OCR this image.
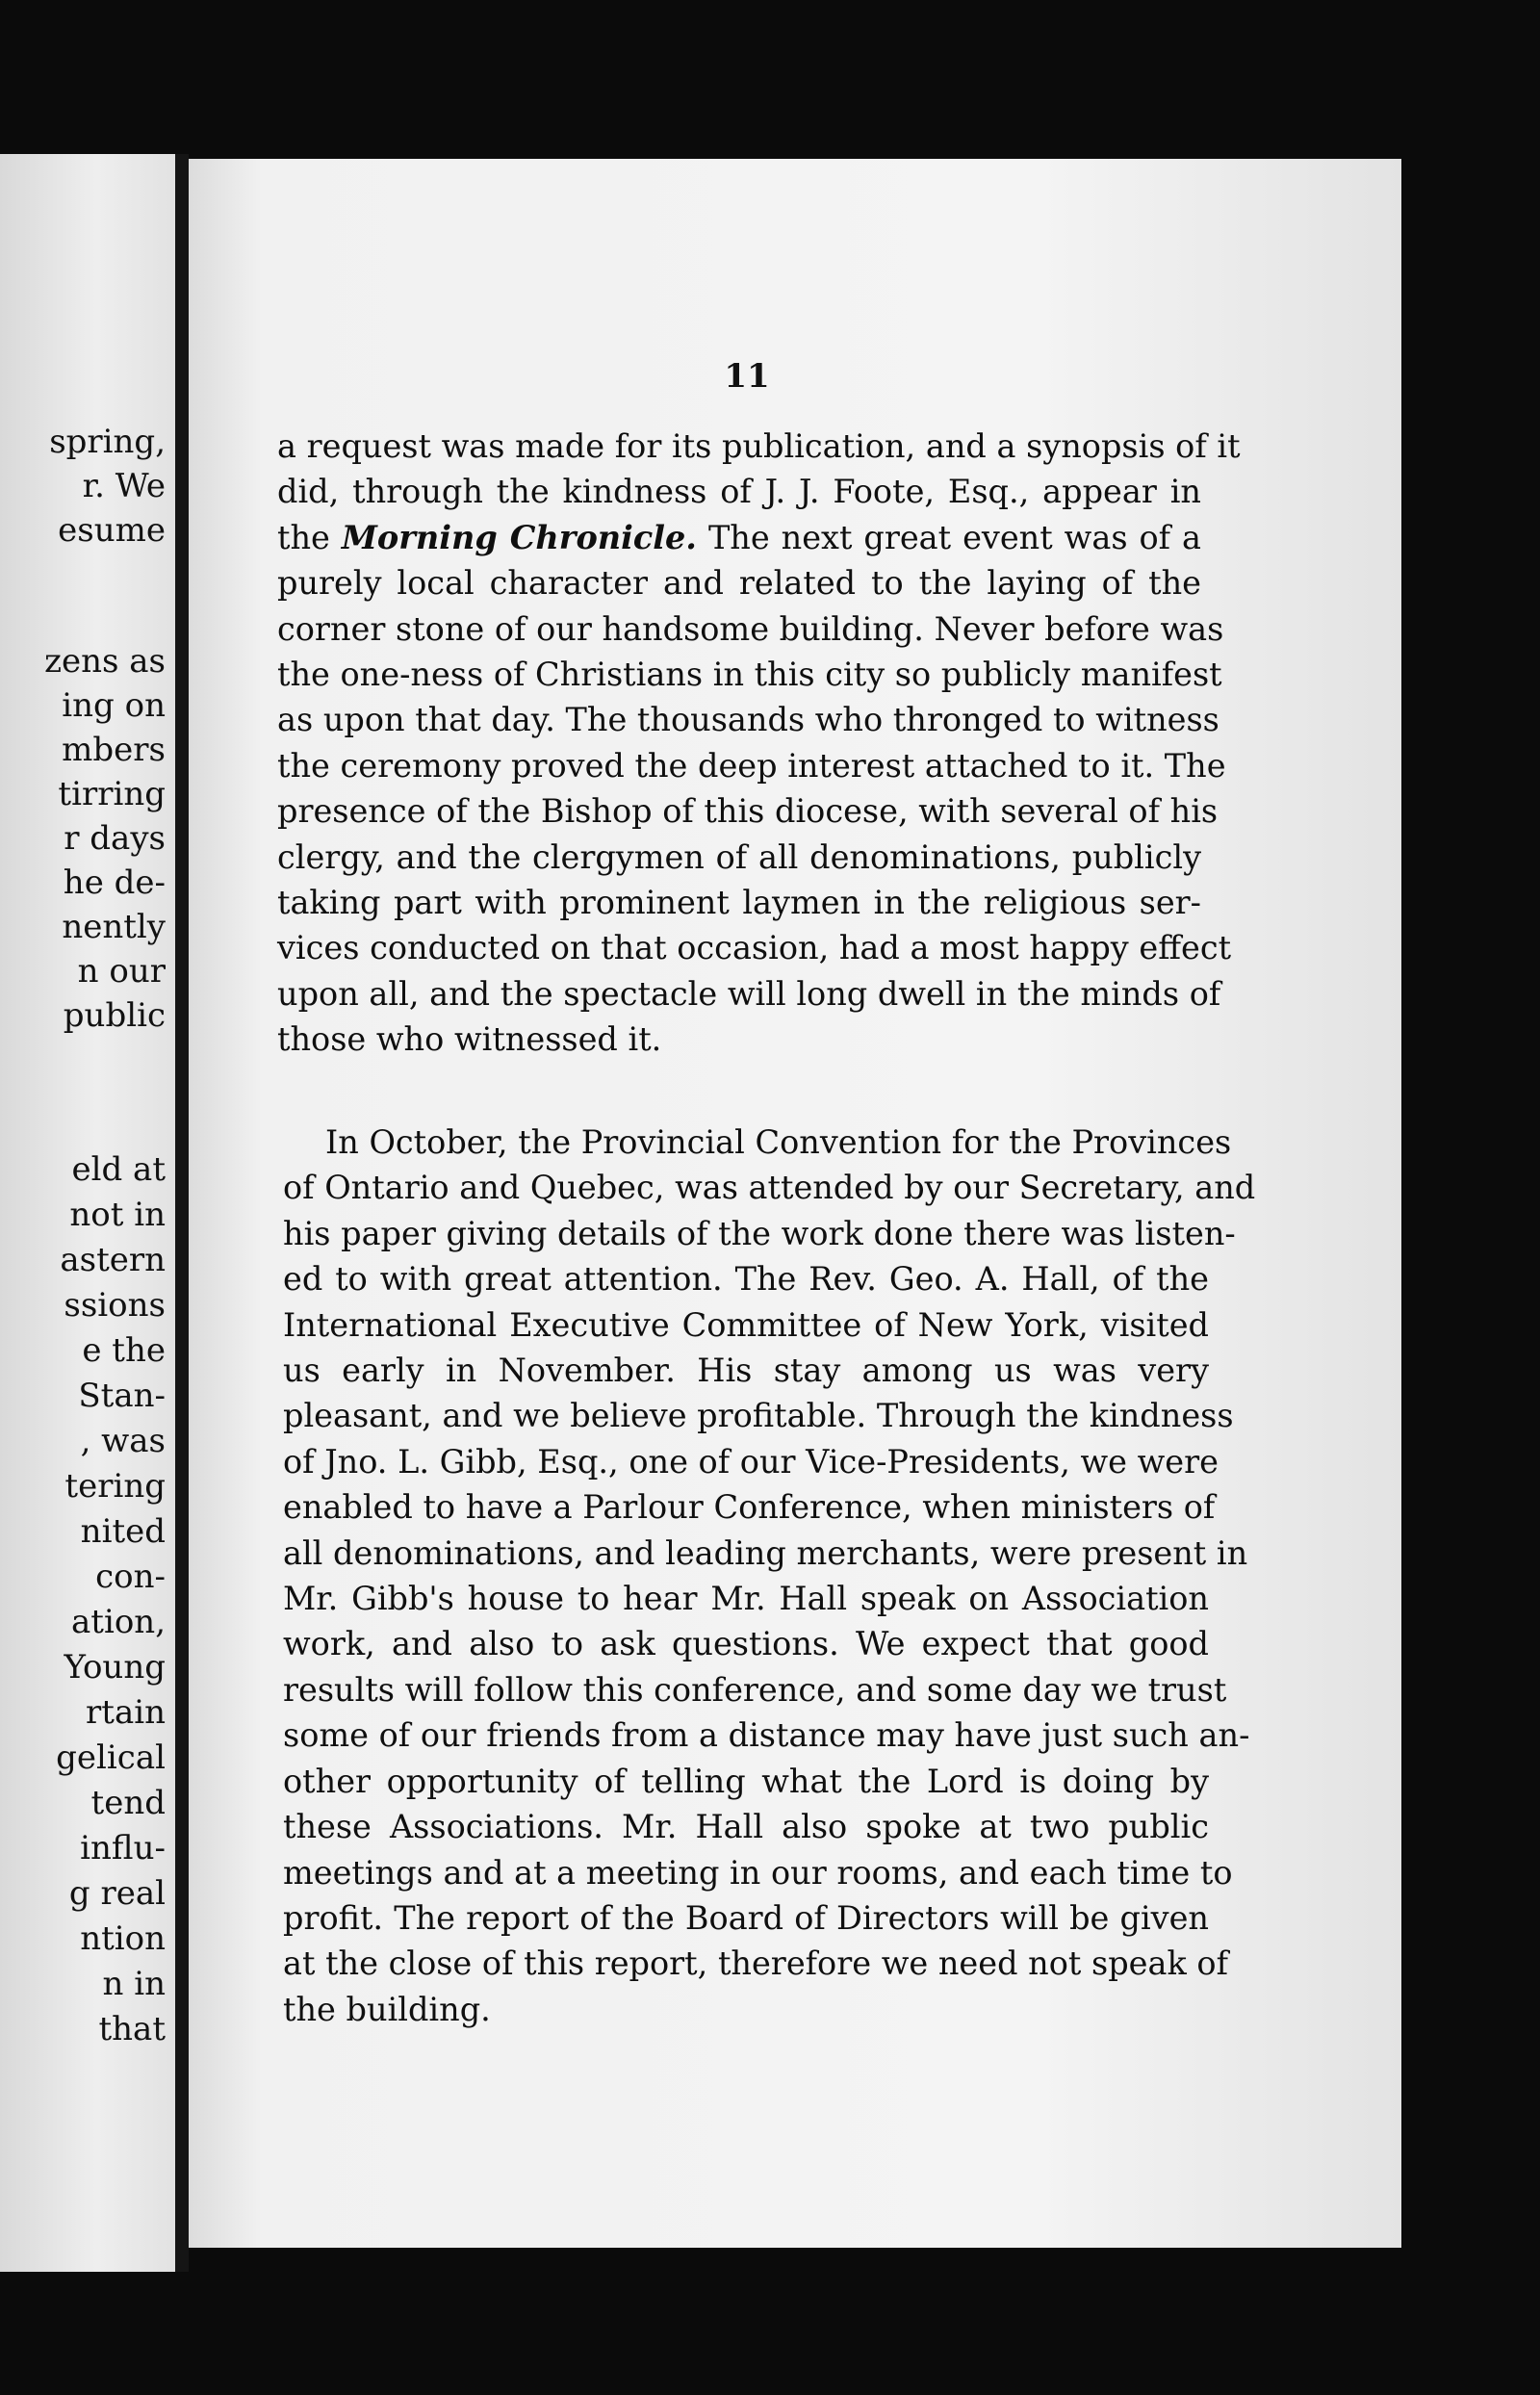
spring,

r. We

esume

zens as

ing on

mbers

tirring

r days

he de-

nently

n our

public

eld at

not in

astern

ssions

e the

Stan-

, was

tering

nited

con-

ation,

Young

rtain

gelical

tend

influ-

g real

ntion

n in

that

11

a request was made for its publication, and a synopsis of it
did, through the kindness of J. J. Foote, Esq., appear in
the Morning Chronicle. The next great event was of a
purely local character and related to the laying of the
corner stone of our handsome building. Never before was
the one-ness of Christians in this city so publicly manifest
as upon that day. The thousands who thronged to witness
the ceremony proved the deep interest attached to it. The
presence of the Bishop of this diocese, with several of his
clergy, and the clergymen of all denominations, publicly
taking part with prominent laymen in the religious ser-
vices conducted on that occasion, had a most happy effect
upon all, and the spectacle will long dwell in the minds of
those who witnessed it.
In October, the Provincial Convention for the Provinces
of Ontario and Quebec, was attended by our Secretary, and
his paper giving details of the work done there was listen-
ed to with great attention. The Rev. Geo. A. Hall, of the
International Executive Committee of New York, visited
us early in November. His stay among us was very
pleasant, and we believe profitable. Through the kindness
of Jno. L. Gibb, Esq., one of our Vice-Presidents, we were
enabled to have a Parlour Conference, when ministers of
all denominations, and leading merchants, were present in
Mr. Gibb's house to hear Mr. Hall speak on Association
work, and also to ask questions. We expect that good
results will follow this conference, and some day we trust
some of our friends from a distance may have just such an-
other opportunity of telling what the Lord is doing by
these Associations. Mr. Hall also spoke at two public
meetings and at a meeting in our rooms, and each time to
profit. The report of the Board of Directors will be given
at the close of this report, therefore we need not speak of
the building.
